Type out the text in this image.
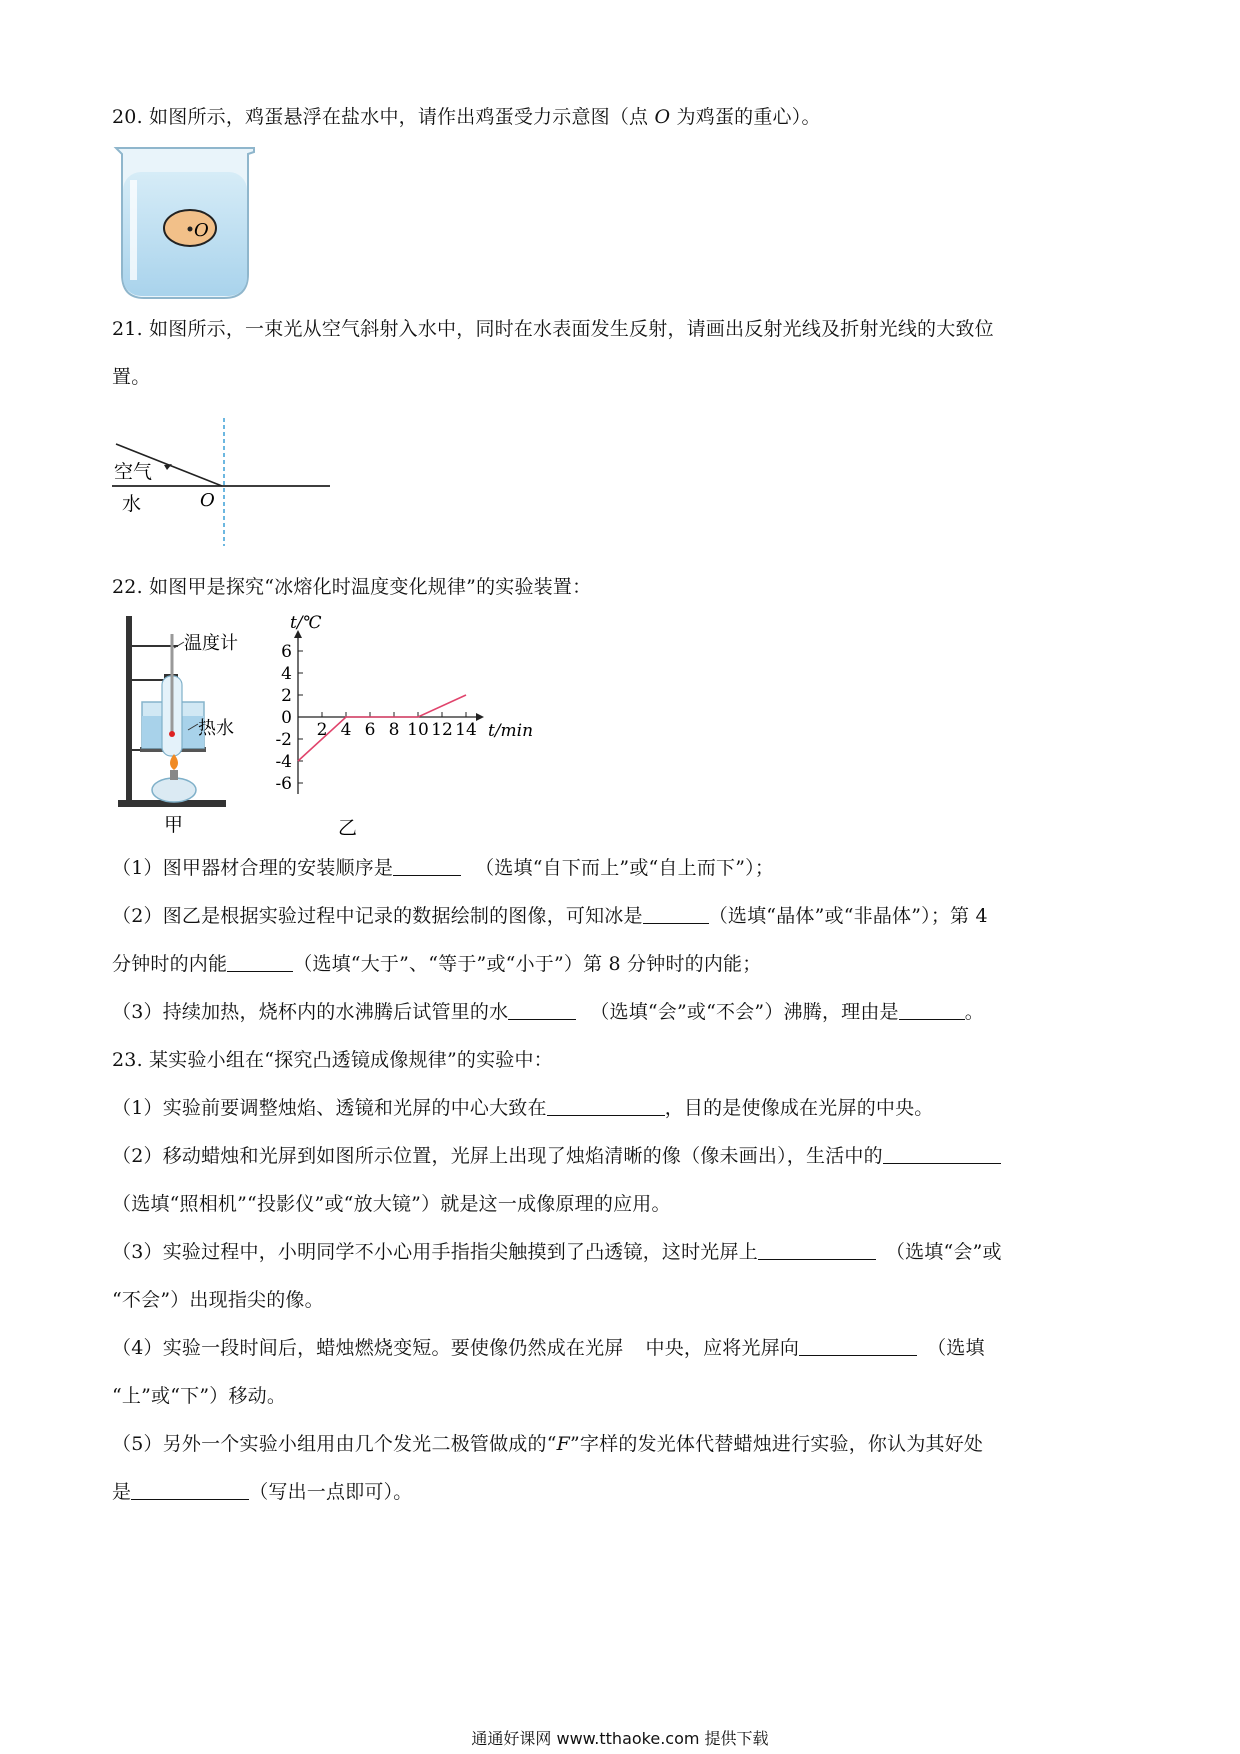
20. 如图所示，鸡蛋悬浮在盐水中，请作出鸡蛋受力示意图（点 O 为鸡蛋的重心）。
O
21. 如图所示，一束光从空气斜射入水中，同时在水表面发生反射，请画出反射光线及折射光线的大致位
置。
空气
水	O
22. 如图甲是探究“冰熔化时温度变化规律”的实验装置：
温度计
热水
甲
t/℃
t/min
6
4
2
0
-2
-4
-6
2 4 6 8 10 12 14
乙
（1）图甲器材合理的安装顺序是	（选填“自下而上”或“自上而下”）；
（2）图乙是根据实验过程中记录的数据绘制的图像，可知冰是	（选填“晶体”或“非晶体”）；第 4
分钟时的内能	（选填“大于”、“等于”或“小于”）第 8 分钟时的内能；
（3）持续加热，烧杯内的水沸腾后试管里的水	（选填“会”或“不会”）沸腾，理由是	。
23. 某实验小组在“探究凸透镜成像规律”的实验中：
（1）实验前要调整烛焰、透镜和光屏的中心大致在	，目的是使像成在光屏的中央。
（2）移动蜡烛和光屏到如图所示位置，光屏上出现了烛焰清晰的像（像未画出），生活中的
（选填“照相机”“投影仪”或“放大镜”）就是这一成像原理的应用。
（3）实验过程中，小明同学不小心用手指指尖触摸到了凸透镜，这时光屏上	（选填“会”或
“不会”）出现指尖的像。
（4）实验一段时间后，蜡烛燃烧变短。要使像仍然成在光屏 中央，应将光屏向	（选填
“上”或“下”）移动。
（5）另外一个实验小组用由几个发光二极管做成的“F”字样的发光体代替蜡烛进行实验，你认为其好处
是	（写出一点即可）。
通通好课网 www.tthaoke.com 提供下载
